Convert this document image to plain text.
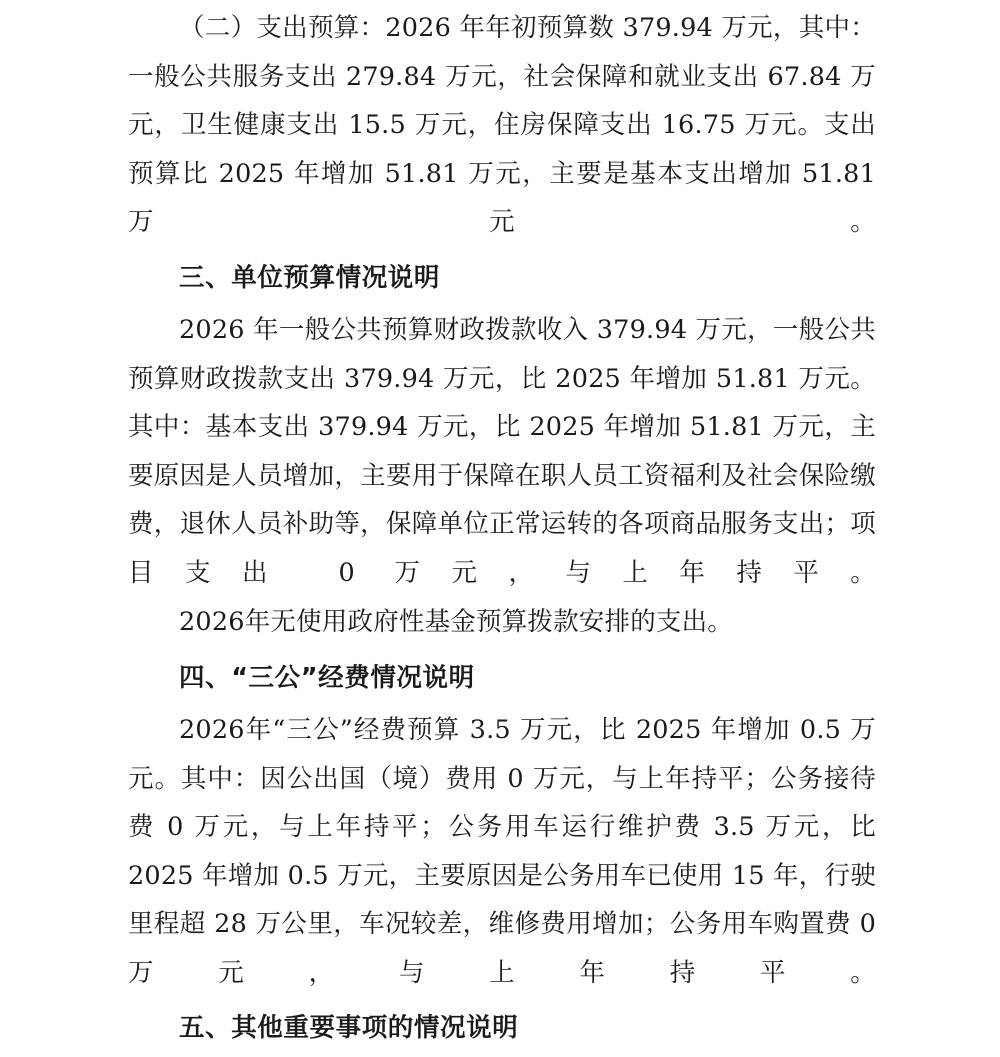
（二）支出预算：2026 年年初预算数 379.94 万元，其中：一般公共服务支出 279.84 万元，社会保障和就业支出 67.84 万元，卫生健康支出 15.5 万元，住房保障支出 16.75 万元。支出预算比 2025 年增加 51.81 万元，主要是基本支出增加 51.81 万元。

三、单位预算情况说明

2026 年一般公共预算财政拨款收入 379.94 万元，一般公共预算财政拨款支出 379.94 万元，比 2025 年增加 51.81 万元。其中：基本支出 379.94 万元，比 2025 年增加 51.81 万元，主要原因是人员增加，主要用于保障在职人员工资福利及社会保险缴费，退休人员补助等，保障单位正常运转的各项商品服务支出；项目支出 0 万元，与上年持平。

2026年无使用政府性基金预算拨款安排的支出。

四、“三公”经费情况说明

2026年“三公”经费预算 3.5 万元，比 2025 年增加 0.5 万元。其中：因公出国（境）费用 0 万元，与上年持平；公务接待费 0 万元，与上年持平；公务用车运行维护费 3.5 万元，比 2025 年增加 0.5 万元，主要原因是公务用车已使用 15 年，行驶里程超 28 万公里，车况较差，维修费用增加；公务用车购置费 0 万元，与上年持平。

五、其他重要事项的情况说明
